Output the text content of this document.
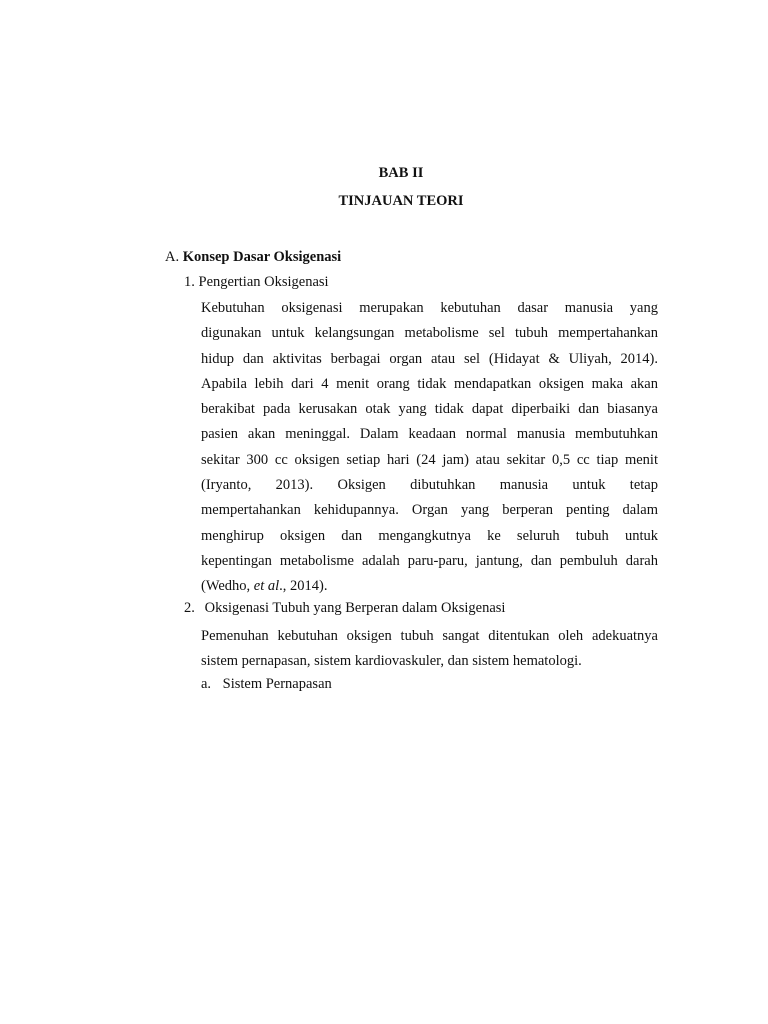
BAB II
TINJAUAN TEORI
A. Konsep Dasar Oksigenasi
1. Pengertian Oksigenasi
Kebutuhan oksigenasi merupakan kebutuhan dasar manusia yang
digunakan untuk kelangsungan metabolisme sel tubuh mempertahankan
hidup dan aktivitas berbagai organ atau sel (Hidayat & Uliyah, 2014).
Apabila lebih dari 4 menit orang tidak mendapatkan oksigen maka akan
berakibat pada kerusakan otak yang tidak dapat diperbaiki dan biasanya
pasien akan meninggal. Dalam keadaan normal manusia membutuhkan
sekitar 300 cc oksigen setiap hari (24 jam) atau sekitar 0,5 cc tiap menit
(Iryanto, 2013). Oksigen dibutuhkan manusia untuk tetap
mempertahankan kehidupannya. Organ yang berperan penting dalam
menghirup oksigen dan mengangkutnya ke seluruh tubuh untuk
kepentingan metabolisme adalah paru-paru, jantung, dan pembuluh darah
(Wedho, et al., 2014).
2. Oksigenasi Tubuh yang Berperan dalam Oksigenasi
Pemenuhan kebutuhan oksigen tubuh sangat ditentukan oleh adekuatnya
sistem pernapasan, sistem kardiovaskuler, dan sistem hematologi.
a. Sistem Pernapasan
